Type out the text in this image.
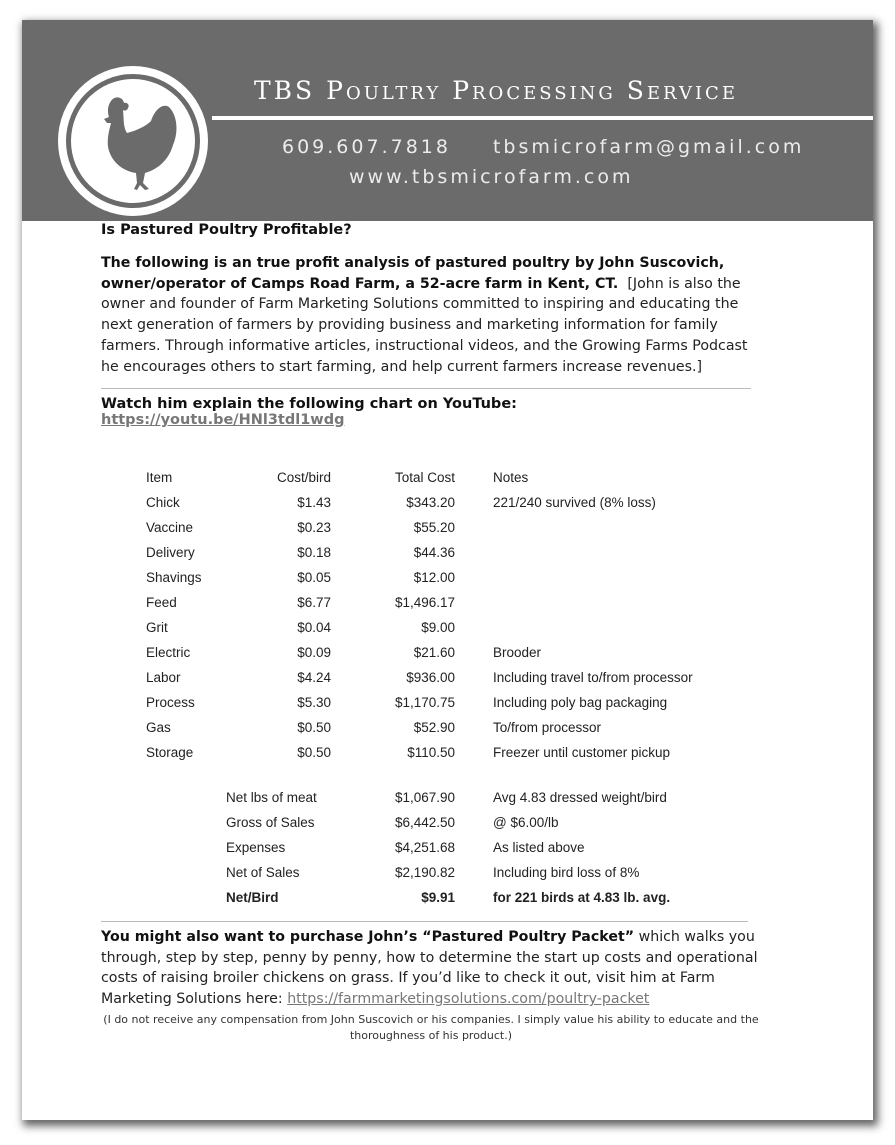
TBS Poultry Processing Service
609.607.7818 tbsmicrofarm@gmail.com
www.tbsmicrofarm.com

Is Pastured Poultry Profitable?

The following is an true profit analysis of pastured poultry by John Suscovich, owner/operator of Camps Road Farm, a 52-acre farm in Kent, CT. [John is also the owner and founder of Farm Marketing Solutions committed to inspiring and educating the next generation of farmers by providing business and marketing information for family farmers. Through informative articles, instructional videos, and the Growing Farms Podcast he encourages others to start farming, and help current farmers increase revenues.]

Watch him explain the following chart on YouTube: https://youtu.be/HNl3tdl1wdg

Item	Cost/bird	Total Cost	Notes
Chick	$1.43	$343.20	221/240 survived (8% loss)
Vaccine	$0.23	$55.20	
Delivery	$0.18	$44.36	
Shavings	$0.05	$12.00	
Feed	$6.77	$1,496.17	
Grit	$0.04	$9.00	
Electric	$0.09	$21.60	Brooder
Labor	$4.24	$936.00	Including travel to/from processor
Process	$5.30	$1,170.75	Including poly bag packaging
Gas	$0.50	$52.90	To/from processor
Storage	$0.50	$110.50	Freezer until customer pickup
Net lbs of meat	$1,067.90	Avg 4.83 dressed weight/bird
Gross of Sales	$6,442.50	@ $6.00/lb
Expenses	$4,251.68	As listed above
Net of Sales	$2,190.82	Including bird loss of 8%
Net/Bird	$9.91	for 221 birds at 4.83 lb. avg.
You might also want to purchase John’s “Pastured Poultry Packet” which walks you through, step by step, penny by penny, how to determine the start up costs and operational costs of raising broiler chickens on grass. If you’d like to check it out, visit him at Farm Marketing Solutions here: https://farmmarketingsolutions.com/poultry-packet
(I do not receive any compensation from John Suscovich or his companies. I simply value his ability to educate and the thoroughness of his product.)
